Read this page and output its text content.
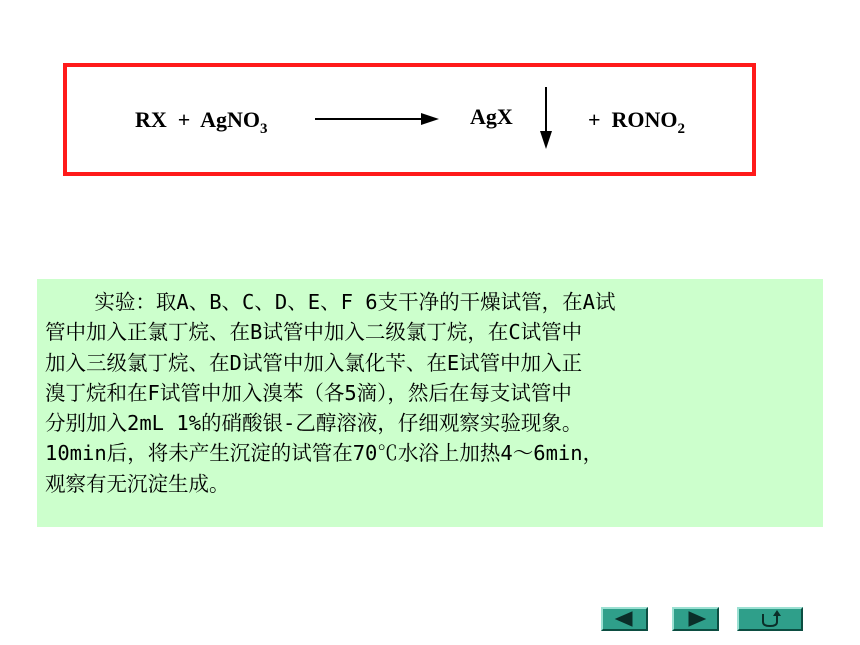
RX + AgNO$_3$	AgX	+ $RONO_2$
实验：取A、B、C、D、E、F 6支干净的干燥试管，在A试
管中加入正氯丁烷、在B试管中加入二级氯丁烷，在C试管中
加入三级氯丁烷、在D试管中加入氯化苄、在E试管中加入正
溴丁烷和在F试管中加入溴苯（各5滴），然后在每支试管中
分别加入2mL 1%的硝酸银-乙醇溶液，仔细观察实验现象。
10min后，将未产生沉淀的试管在70℃水浴上加热4～6min，
观察有无沉淀生成。
